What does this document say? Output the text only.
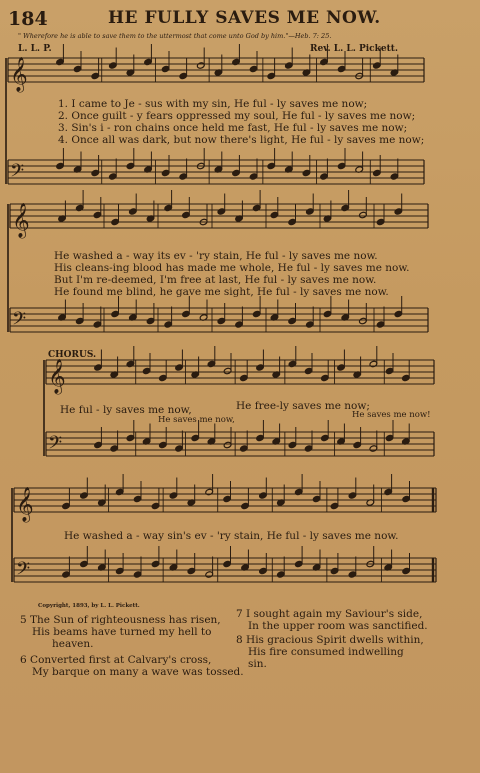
184	HE FULLY SAVES ME NOW.
" Wherefore he is able to save them to the uttermost that come unto God by him."—Heb. 7: 25.
L. L. P.	Rev. L. L. Pickett.
𝄞
𝄢
𝄞
𝄢
𝄞
𝄢
𝄞
𝄢
1. I came to Je - sus with my sin, He ful - ly saves me now;
2. Once guilt - y fears oppressed my soul, He ful - ly saves me now;
3. Sin's i - ron chains once held me fast, He ful - ly saves me now;
4. Once all was dark, but now there's light, He ful - ly saves me now;
He washed a - way its ev - 'ry stain, He ful - ly saves me now.
His cleans-ing blood has made me whole, He ful - ly saves me now.
But I'm re-deemed, I'm free at last, He ful - ly saves me now.
He found me blind, he gave me sight, He ful - ly saves me now.
CHORUS.
He ful - ly saves me now,	He free-ly saves me now;
He saves me now,	He saves me now!
He washed a - way sin's ev - 'ry stain, He ful - ly saves me now.
Copyright, 1893, by L. L. Pickett.
5 The Sun of righteousness has risen,
His beams have turned my hell to
heaven.
6 Converted first at Calvary's cross,
My barque on many a wave was tossed.
7 I sought again my Saviour's side,
In the upper room was sanctified.
8 His gracious Spirit dwells within,
His fire consumed indwelling
sin.
